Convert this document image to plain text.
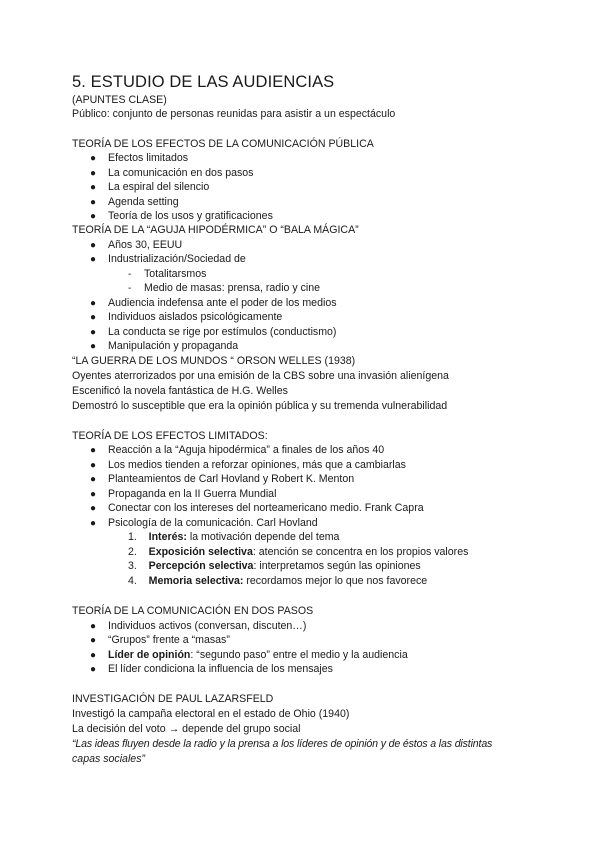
5. ESTUDIO DE LAS AUDIENCIAS
(APUNTES CLASE)
Público: conjunto de personas reunidas para asistir a un espectáculo
TEORÍA DE LOS EFECTOS DE LA COMUNICACIÓN PÚBLICA
● Efectos limitados
● La comunicación en dos pasos
● La espiral del silencio
● Agenda setting
● Teoría de los usos y gratificaciones
TEORÍA DE LA “AGUJA HIPODÉRMICA” O “BALA MÁGICA”
● Años 30, EEUU
● Industrialización/Sociedad de
- Totalitarsmos
- Medio de masas: prensa, radio y cine
● Audiencia indefensa ante el poder de los medios
● Individuos aislados psicológicamente
● La conducta se rige por estímulos (conductismo)
● Manipulación y propaganda
“LA GUERRA DE LOS MUNDOS “ ORSON WELLES (1938)
Oyentes aterrorizados por una emisión de la CBS sobre una invasión alienígena
Escenificó la novela fantástica de H.G. Welles
Demostró lo susceptible que era la opinión pública y su tremenda vulnerabilidad
TEORÍA DE LOS EFECTOS LIMITADOS:
● Reacción a la “Aguja hipodérmica” a finales de los años 40
● Los medios tienden a reforzar opiniones, más que a cambiarlas
● Planteamientos de Carl Hovland y Robert K. Menton
● Propaganda en la II Guerra Mundial
● Conectar con los intereses del norteamericano medio. Frank Capra
● Psicología de la comunicación. Carl Hovland
1. Interés: la motivación depende del tema
2. Exposición selectiva: atención se concentra en los propios valores
3. Percepción selectiva: interpretamos según las opiniones
4. Memoria selectiva: recordamos mejor lo que nos favorece
TEORÍA DE LA COMUNICACIÓN EN DOS PASOS
● Individuos activos (conversan, discuten…)
● “Grupos” frente a “masas”
● Líder de opinión: “segundo paso” entre el medio y la audiencia
● El líder condiciona la influencia de los mensajes
INVESTIGACIÓN DE PAUL LAZARSFELD
Investigó la campaña electoral en el estado de Ohio (1940)
La decisión del voto → depende del grupo social
“Las ideas fluyen desde la radio y la prensa a los líderes de opinión y de éstos a las distintas
capas sociales”
